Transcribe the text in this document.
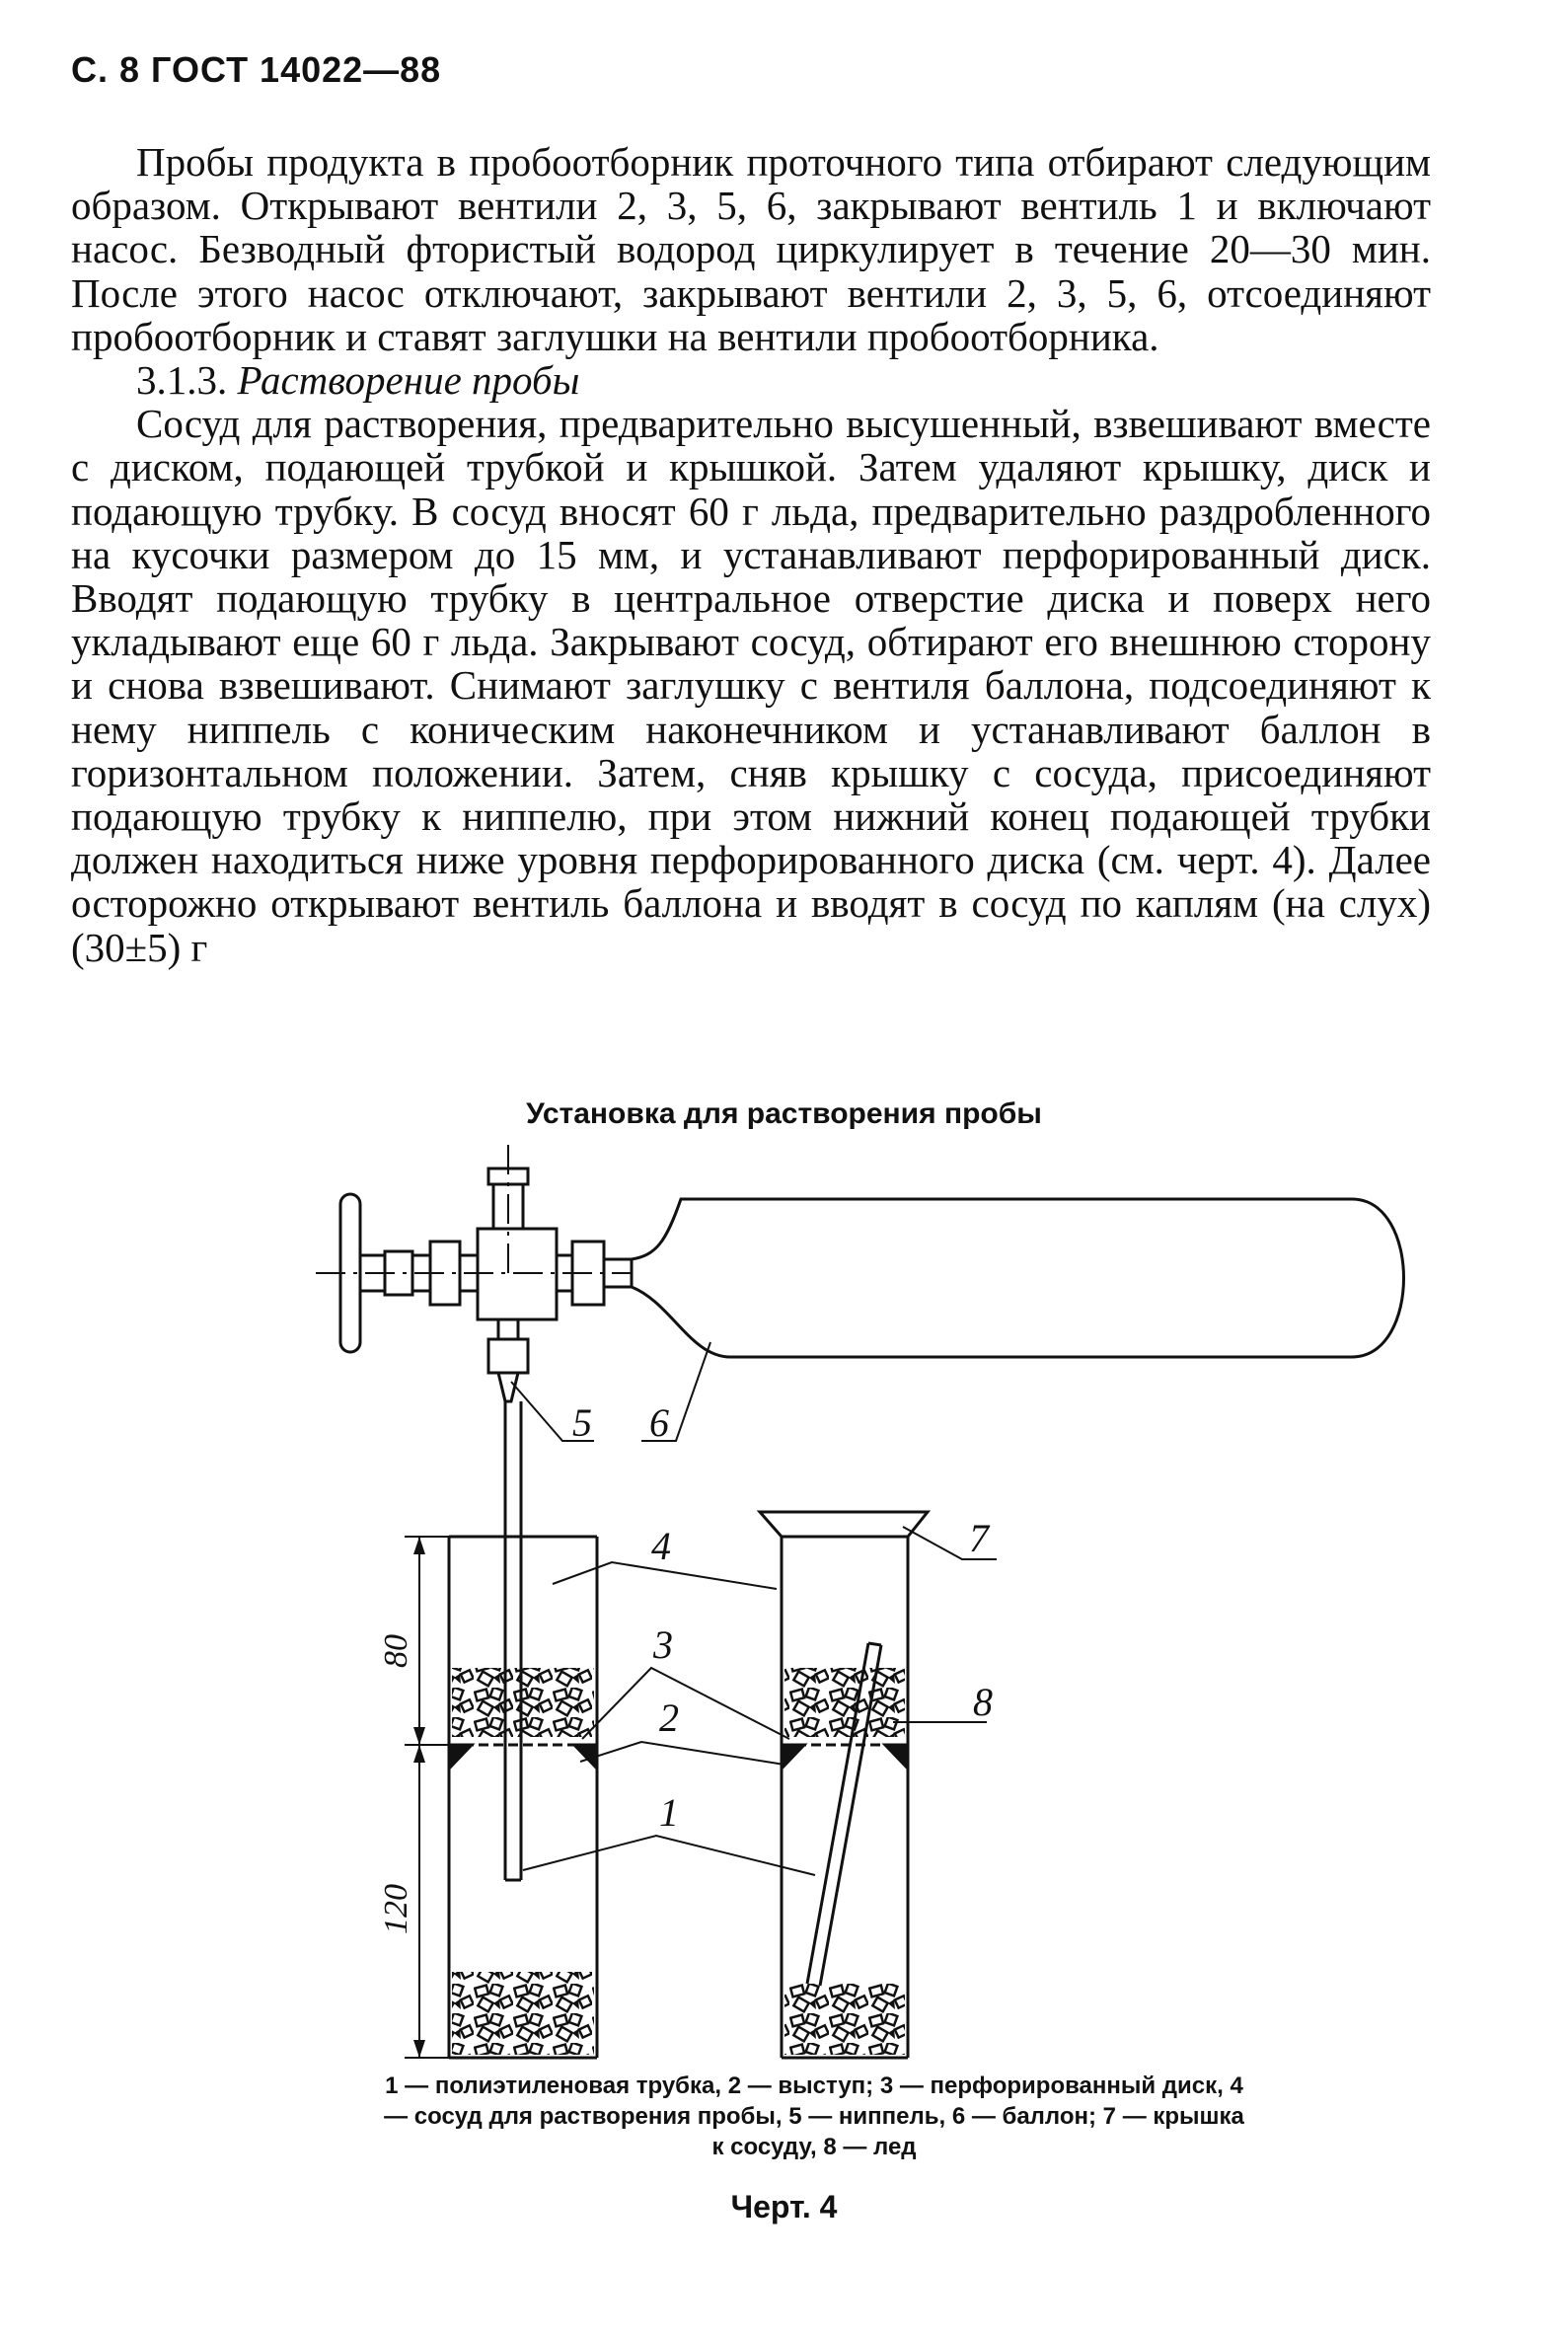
С. 8 ГОСТ 14022—88

Пробы продукта в пробоотборник проточного типа отбирают следующим образом. Открывают вентили 2, 3, 5, 6, закрывают вентиль 1 и включают насос. Безводный фтористый водород циркулирует в течение 20—30 мин. После этого насос отключают, закрывают вентили 2, 3, 5, 6, отсоединяют пробоотборник и ставят заглушки на вентили пробоотборника.

3.1.3. Растворение пробы

Сосуд для растворения, предварительно высушенный, взвешивают вместе с диском, подающей трубкой и крышкой. Затем удаляют крышку, диск и подающую трубку. В сосуд вносят 60 г льда, предварительно раздробленного на кусочки размером до 15 мм, и устанавливают перфорированный диск. Вводят подающую трубку в центральное отверстие диска и поверх него укладывают еще 60 г льда. Закрывают сосуд, обтирают его внешнюю сторону и снова взвешивают. Снимают заглушку с вентиля баллона, подсоединяют к нему ниппель с коническим наконечником и устанавливают баллон в горизонтальном положении. Затем, сняв крышку с сосуда, присоединяют подающую трубку к ниппелю, при этом нижний конец подающей трубки должен находиться ниже уровня перфорированного диска (см. черт. 4). Далее осторожно открывают вентиль баллона и вводят в сосуд по каплям (на слух) (30±5) г

Установка для растворения пробы
5 6
7
4
3
2
1
8
80
120
1 — полиэтиленовая трубка, 2 — выступ; 3 — перфорированный диск, 4 — сосуд для растворения пробы, 5 — ниппель, 6 — баллон; 7 — крышка к сосуду, 8 — лед
Черт. 4
